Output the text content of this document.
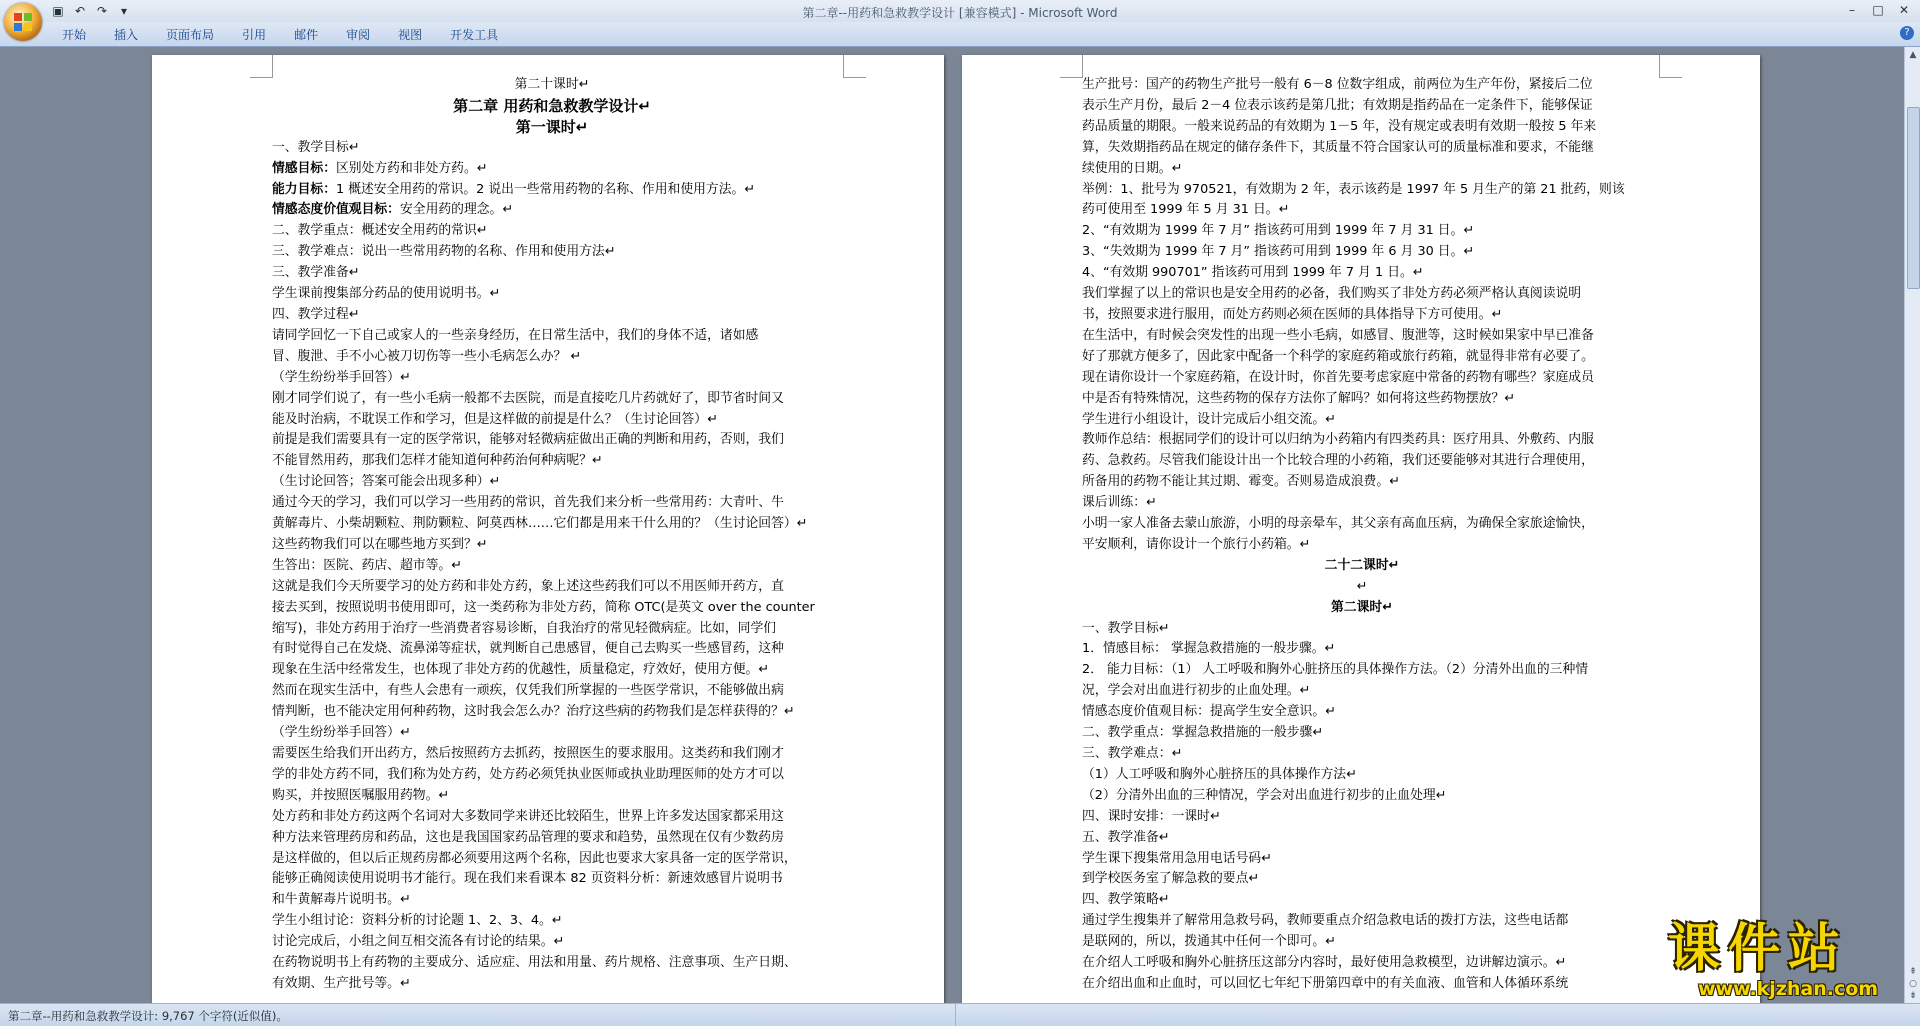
▣ ↶ ↷	▾	第二章--用药和急救教学设计 [兼容模式] - Microsoft Word	–	□	✕
开始	插入	页面布局	引用	邮件	审阅	视图	开发工具	?
第二十课时↵
第二章 用药和急救教学设计↵
第一课时↵
一、教学目标↵
情感目标：区别处方药和非处方药。↵
能力目标：1 概述安全用药的常识。2 说出一些常用药物的名称、作用和使用方法。↵
情感态度价值观目标：安全用药的理念。↵
二、教学重点：概述安全用药的常识↵
三、教学难点：说出一些常用药物的名称、作用和使用方法↵
三、教学准备↵
学生课前搜集部分药品的使用说明书。↵
四、教学过程↵
请同学回忆一下自己或家人的一些亲身经历，在日常生活中，我们的身体不适，诸如感
冒、腹泄、手不小心被刀切伤等一些小毛病怎么办？ ↵
（学生纷纷举手回答）↵
刚才同学们说了，有一些小毛病一般都不去医院，而是直接吃几片药就好了，即节省时间又
能及时治病，不耽误工作和学习，但是这样做的前提是什么？（生讨论回答）↵
前提是我们需要具有一定的医学常识，能够对轻微病症做出正确的判断和用药，否则，我们
不能冒然用药，那我们怎样才能知道何种药治何种病呢？↵
（生讨论回答；答案可能会出现多种）↵
通过今天的学习，我们可以学习一些用药的常识，首先我们来分析一些常用药：大青叶、牛
黄解毒片、小柴胡颗粒、荆防颗粒、阿莫西林……它们都是用来干什么用的？（生讨论回答）↵
这些药物我们可以在哪些地方买到？↵
生答出：医院、药店、超市等。↵
这就是我们今天所要学习的处方药和非处方药，象上述这些药我们可以不用医师开药方，直
接去买到，按照说明书使用即可，这一类药称为非处方药，简称 OTC(是英文 over the counter
缩写)，非处方药用于治疗一些消费者容易诊断，自我治疗的常见轻微病症。比如，同学们
有时觉得自己在发烧、流鼻涕等症状，就判断自己患感冒，便自己去购买一些感冒药，这种
现象在生活中经常发生，也体现了非处方药的优越性，质量稳定，疗效好，使用方便。↵
然而在现实生活中，有些人会患有一顽疾，仅凭我们所掌握的一些医学常识，不能够做出病
情判断，也不能决定用何种药物，这时我会怎么办？治疗这些病的药物我们是怎样获得的？↵
（学生纷纷举手回答）↵
需要医生给我们开出药方，然后按照药方去抓药，按照医生的要求服用。这类药和我们刚才
学的非处方药不同，我们称为处方药，处方药必须凭执业医师或执业助理医师的处方才可以
购买，并按照医嘱服用药物。↵
处方药和非处方药这两个名词对大多数同学来讲还比较陌生，世界上许多发达国家都采用这
种方法来管理药房和药品，这也是我国国家药品管理的要求和趋势，虽然现在仅有少数药房
是这样做的，但以后正规药房都必须要用这两个名称，因此也要求大家具备一定的医学常识，
能够正确阅读使用说明书才能行。现在我们来看课本 82 页资料分析：新速效感冒片说明书
和牛黄解毒片说明书。↵
学生小组讨论：资料分析的讨论题 1、2、3、4。↵
讨论完成后，小组之间互相交流各有讨论的结果。↵
在药物说明书上有药物的主要成分、适应症、用法和用量、药片规格、注意事项、生产日期、
有效期、生产批号等。↵
生产批号：国产的药物生产批号一般有 6－8 位数字组成，前两位为生产年份，紧接后二位
表示生产月份，最后 2－4 位表示该药是第几批；有效期是指药品在一定条件下，能够保证
药品质量的期限。一般来说药品的有效期为 1－5 年，没有规定或表明有效期一般按 5 年来
算，失效期指药品在规定的储存条件下，其质量不符合国家认可的质量标准和要求，不能继
续使用的日期。↵
举例：1、批号为 970521，有效期为 2 年，表示该药是 1997 年 5 月生产的第 21 批药，则该
药可使用至 1999 年 5 月 31 日。↵
2、“有效期为 1999 年 7 月” 指该药可用到 1999 年 7 月 31 日。↵
3、“失效期为 1999 年 7 月” 指该药可用到 1999 年 6 月 30 日。↵
4、“有效期 990701” 指该药可用到 1999 年 7 月 1 日。↵
我们掌握了以上的常识也是安全用药的必备，我们购买了非处方药必须严格认真阅读说明
书，按照要求进行服用，而处方药则必须在医师的具体指导下方可使用。↵
在生活中，有时候会突发性的出现一些小毛病，如感冒、腹泄等，这时候如果家中早已准备
好了那就方便多了，因此家中配备一个科学的家庭药箱或旅行药箱，就显得非常有必要了。
现在请你设计一个家庭药箱，在设计时，你首先要考虑家庭中常备的药物有哪些？家庭成员
中是否有特殊情况，这些药物的保存方法你了解吗？如何将这些药物摆放？↵
学生进行小组设计，设计完成后小组交流。↵
教师作总结：根据同学们的设计可以归纳为小药箱内有四类药具：医疗用具、外敷药、内服
药、急救药。尽管我们能设计出一个比较合理的小药箱，我们还要能够对其进行合理使用，
所备用的药物不能让其过期、霉变。否则易造成浪费。↵
课后训练：↵
小明一家人准备去蒙山旅游，小明的母亲晕车，其父亲有高血压病，为确保全家旅途愉快，
平安顺利，请你设计一个旅行小药箱。↵
二十二课时↵
↵
第二课时↵
一、教学目标↵
1．情感目标： 掌握急救措施的一般步骤。↵
2． 能力目标：（1） 人工呼吸和胸外心脏挤压的具体操作方法。（2）分清外出血的三种情
况，学会对出血进行初步的止血处理。↵
情感态度价值观目标：提高学生安全意识。↵
二、教学重点：掌握急救措施的一般步骤↵
三、教学难点：↵
（1）人工呼吸和胸外心脏挤压的具体操作方法↵
（2）分清外出血的三种情况，学会对出血进行初步的止血处理↵
四、课时安排：一课时↵
五、教学准备↵
学生课下搜集常用急用电话号码↵
到学校医务室了解急救的要点↵
四、教学策略↵
通过学生搜集并了解常用急救号码，教师要重点介绍急救电话的拨打方法，这些电话都
是联网的，所以，拨通其中任何一个即可。↵
在介绍人工呼吸和胸外心脏挤压这部分内容时，最好使用急救模型，边讲解边演示。↵
在介绍出血和止血时，可以回忆七年纪下册第四章中的有关血液、血管和人体循环系统
▲
⇞
○
⇟
第二章--用药和急救教学设计: 9,767 个字符(近似值)。
课件站
www.kjzhan.com
